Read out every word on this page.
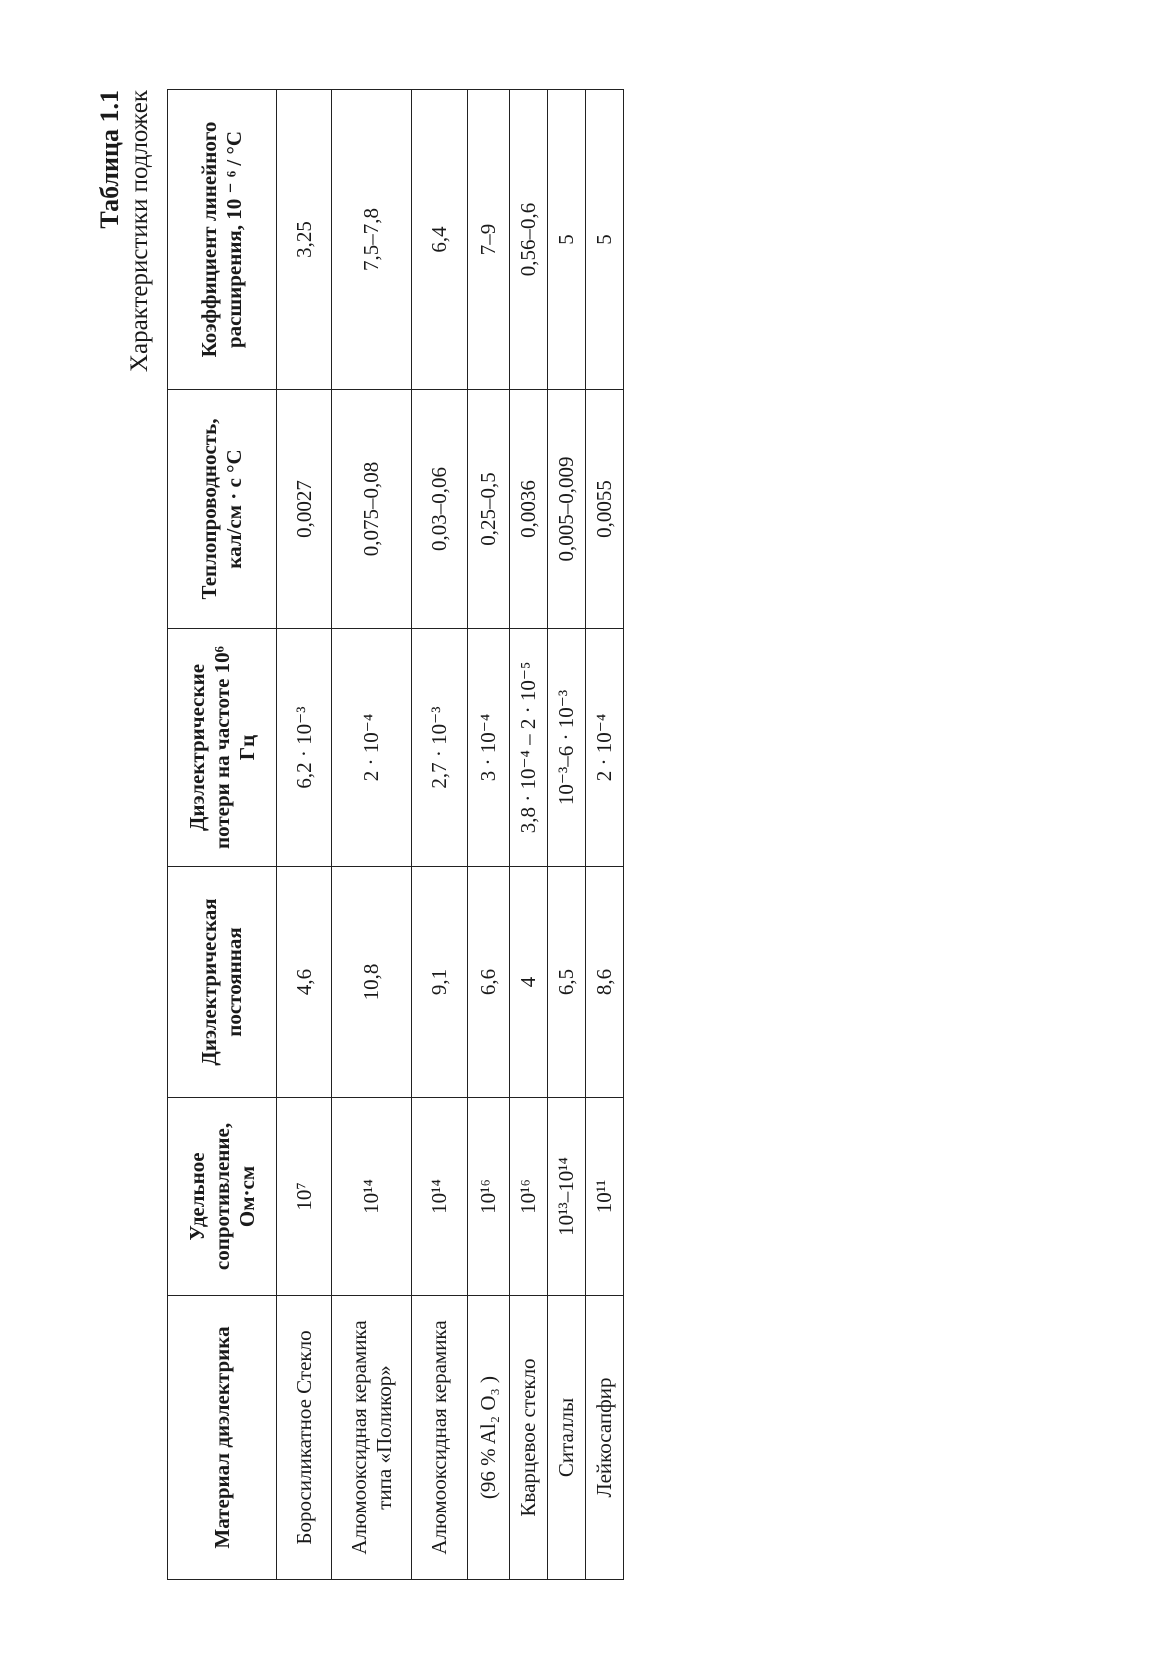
Таблица 1.1 Характеристики подложек
Материал диэлектрика	Удельное сопротивление, Ом·см	Диэлектрическая постоянная	Диэлектрические потери на частоте 10⁶ Гц	Теплопроводность, кал/см · с °С	Коэффициент линейного расширения, 10 ⁻ ⁶ / °С
Боросиликатное Стекло	10⁷	4,6	6,2 · 10⁻³	0,0027	3,25
Алюмооксидная керамика типа «Поликор»	10¹⁴	10,8	2 · 10⁻⁴	0,075–0,08	7,5–7,8
Алюмооксидная керамика	10¹⁴	9,1	2,7 · 10⁻³	0,03–0,06	6,4
(96 % Al₂ O₃ )	10¹⁶	6,6	3 · 10⁻⁴	0,25–0,5	7–9
Кварцевое стекло	10¹⁶	4	3,8 · 10⁻⁴ – 2 · 10⁻⁵	0,0036	0,56–0,6
Ситаллы	10¹³–10¹⁴	6,5	10⁻³–6 · 10⁻³	0,005–0,009	5
Лейкосапфир	10¹¹	8,6	2 · 10⁻⁴	0,0055	5
